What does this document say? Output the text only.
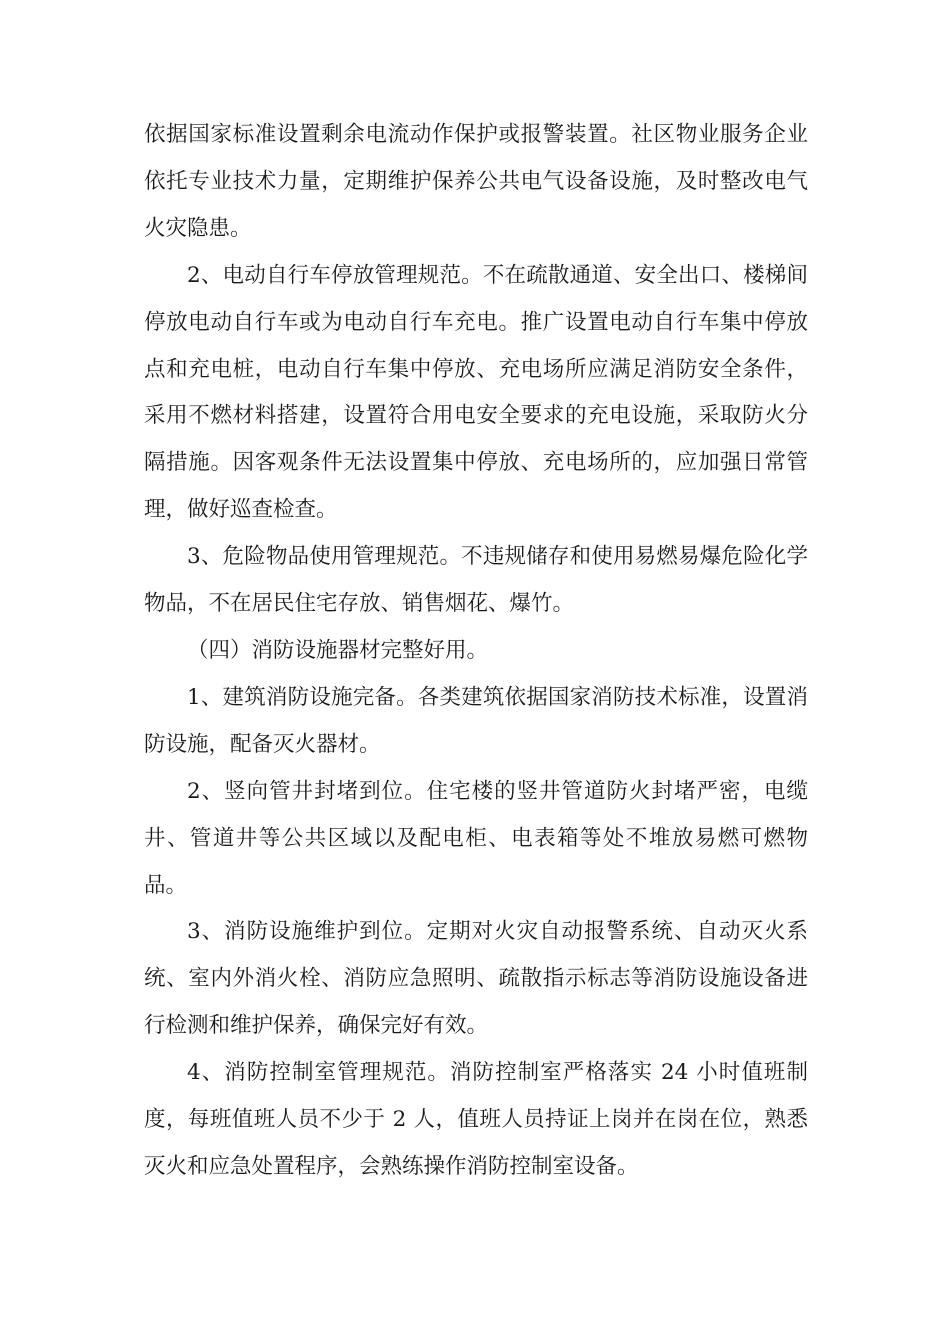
依据国家标准设置剩余电流动作保护或报警装置。社区物业服务企业依托专业技术力量，定期维护保养公共电气设备设施，及时整改电气火灾隐患。

2、电动自行车停放管理规范。不在疏散通道、安全出口、楼梯间停放电动自行车或为电动自行车充电。推广设置电动自行车集中停放点和充电桩，电动自行车集中停放、充电场所应满足消防安全条件，采用不燃材料搭建，设置符合用电安全要求的充电设施，采取防火分隔措施。因客观条件无法设置集中停放、充电场所的，应加强日常管理，做好巡查检查。

3、危险物品使用管理规范。不违规储存和使用易燃易爆危险化学物品，不在居民住宅存放、销售烟花、爆竹。

（四）消防设施器材完整好用。

1、建筑消防设施完备。各类建筑依据国家消防技术标准，设置消防设施，配备灭火器材。

2、竖向管井封堵到位。住宅楼的竖井管道防火封堵严密，电缆井、管道井等公共区域以及配电柜、电表箱等处不堆放易燃可燃物品。

3、消防设施维护到位。定期对火灾自动报警系统、自动灭火系统、室内外消火栓、消防应急照明、疏散指示标志等消防设施设备进行检测和维护保养，确保完好有效。

4、消防控制室管理规范。消防控制室严格落实 24 小时值班制度，每班值班人员不少于 2 人，值班人员持证上岗并在岗在位，熟悉灭火和应急处置程序，会熟练操作消防控制室设备。
